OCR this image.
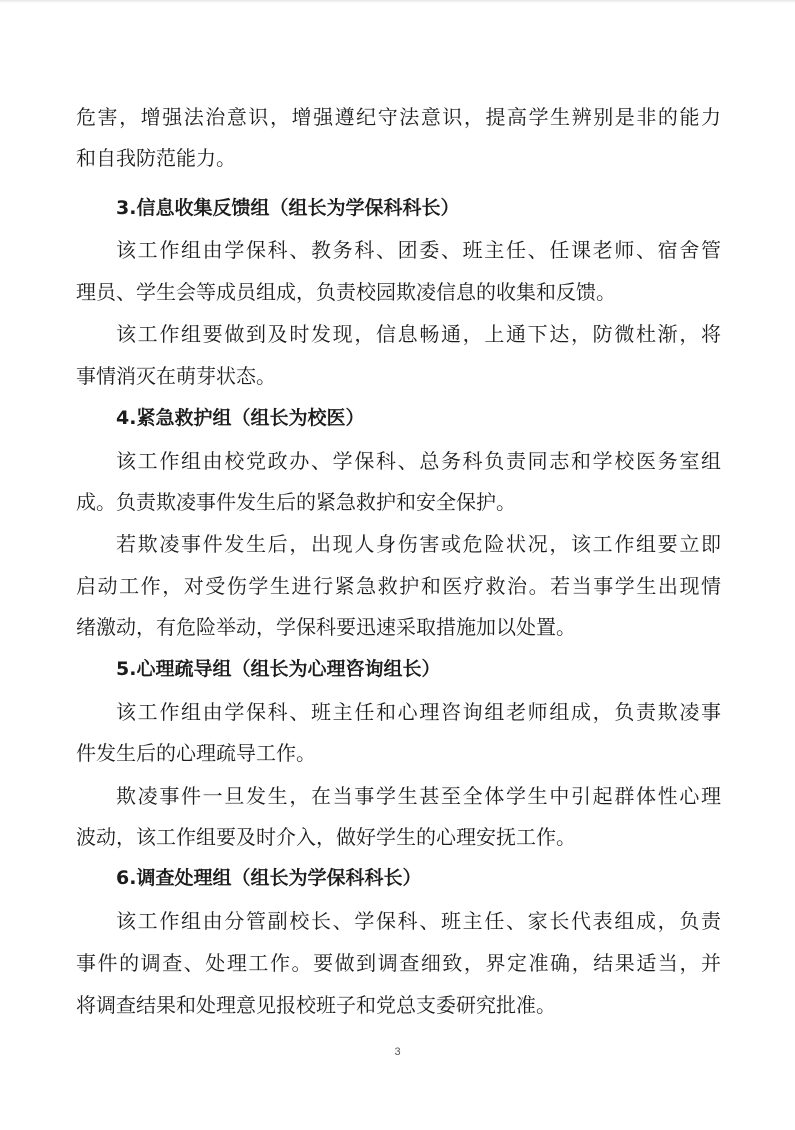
危害，增强法治意识，增强遵纪守法意识，提高学生辨别是非的能力
和自我防范能力。
3.信息收集反馈组（组长为学保科科长）
该工作组由学保科、教务科、团委、班主任、任课老师、宿舍管
理员、学生会等成员组成，负责校园欺凌信息的收集和反馈。
该工作组要做到及时发现，信息畅通，上通下达，防微杜渐，将
事情消灭在萌芽状态。
4.紧急救护组（组长为校医）
该工作组由校党政办、学保科、总务科负责同志和学校医务室组
成。负责欺凌事件发生后的紧急救护和安全保护。
若欺凌事件发生后，出现人身伤害或危险状况，该工作组要立即
启动工作，对受伤学生进行紧急救护和医疗救治。若当事学生出现情
绪激动，有危险举动，学保科要迅速采取措施加以处置。
5.心理疏导组（组长为心理咨询组长）
该工作组由学保科、班主任和心理咨询组老师组成，负责欺凌事
件发生后的心理疏导工作。
欺凌事件一旦发生，在当事学生甚至全体学生中引起群体性心理
波动，该工作组要及时介入，做好学生的心理安抚工作。
6.调查处理组（组长为学保科科长）
该工作组由分管副校长、学保科、班主任、家长代表组成，负责
事件的调查、处理工作。要做到调查细致，界定准确，结果适当，并
将调查结果和处理意见报校班子和党总支委研究批准。
3
